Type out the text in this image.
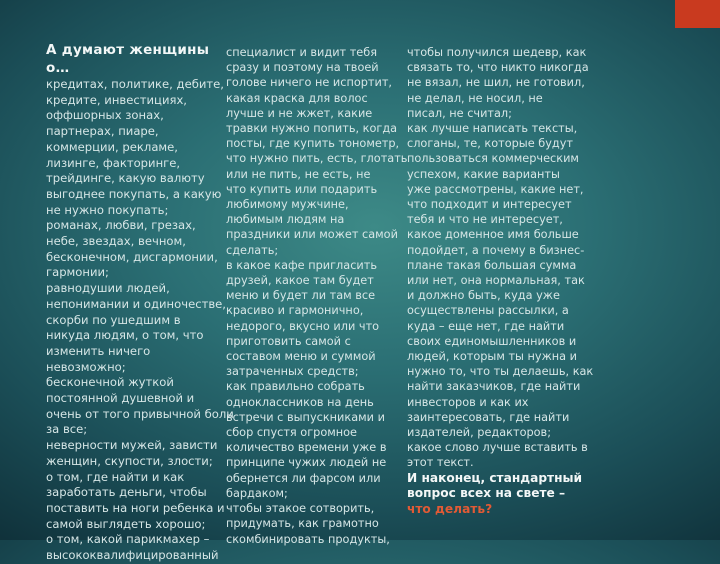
А думают женщины
о…
кредитах, политике, дебите,
кредите, инвестициях,
оффшорных зонах,
партнерах, пиаре,
коммерции, рекламе,
лизинге, факторинге,
трейдинге, какую валюту
выгоднее покупать, а какую
не нужно покупать;
романах, любви, грезах,
небе, звездах, вечном,
бесконечном, дисгармонии,
гармонии;
равнодушии людей,
непонимании и одиночестве,
скорби по ушедшим в
никуда людям, о том, что
изменить ничего
невозможно;
бесконечной жуткой
постоянной душевной и
очень от того привычной боли
за все;
неверности мужей, зависти
женщин, скупости, злости;
о том, где найти и как
заработать деньги, чтобы
поставить на ноги ребенка и
самой выглядеть хорошо;
о том, какой парикмахер –
высококвалифицированный
специалист и видит тебя
сразу и поэтому на твоей
голове ничего не испортит,
какая краска для волос
лучше и не жжет, какие
травки нужно попить, когда
посты, где купить тонометр,
что нужно пить, есть, глотать
или не пить, не есть, не
что купить или подарить
любимому мужчине,
любимым людям на
праздники или может самой
сделать;
в какое кафе пригласить
друзей, какое там будет
меню и будет ли там все
красиво и гармонично,
недорого, вкусно или что
приготовить самой с
составом меню и суммой
затраченных средств;
как правильно собрать
одноклассников на день
встречи с выпускниками и
сбор спустя огромное
количество времени уже в
принципе чужих людей не
обернется ли фарсом или
бардаком;
чтобы этакое сотворить,
придумать, как грамотно
скомбинировать продукты,
чтобы получился шедевр, как
связать то, что никто никогда
не вязал, не шил, не готовил,
не делал, не носил, не
писал, не считал;
как лучше написать тексты,
слоганы, те, которые будут
пользоваться коммерческим
успехом, какие варианты
уже рассмотрены, какие нет,
что подходит и интересует
тебя и что не интересует,
какое доменное имя больше
подойдет, а почему в бизнес-
плане такая большая сумма
или нет, она нормальная, так
и должно быть, куда уже
осуществлены рассылки, а
куда – еще нет, где найти
своих единомышленников и
людей, которым ты нужна и
нужно то, что ты делаешь, как
найти заказчиков, где найти
инвесторов и как их
заинтересовать, где найти
издателей, редакторов;
какое слово лучше вставить в
этот текст.
И наконец, стандартный
вопрос всех на свете –
что делать?
